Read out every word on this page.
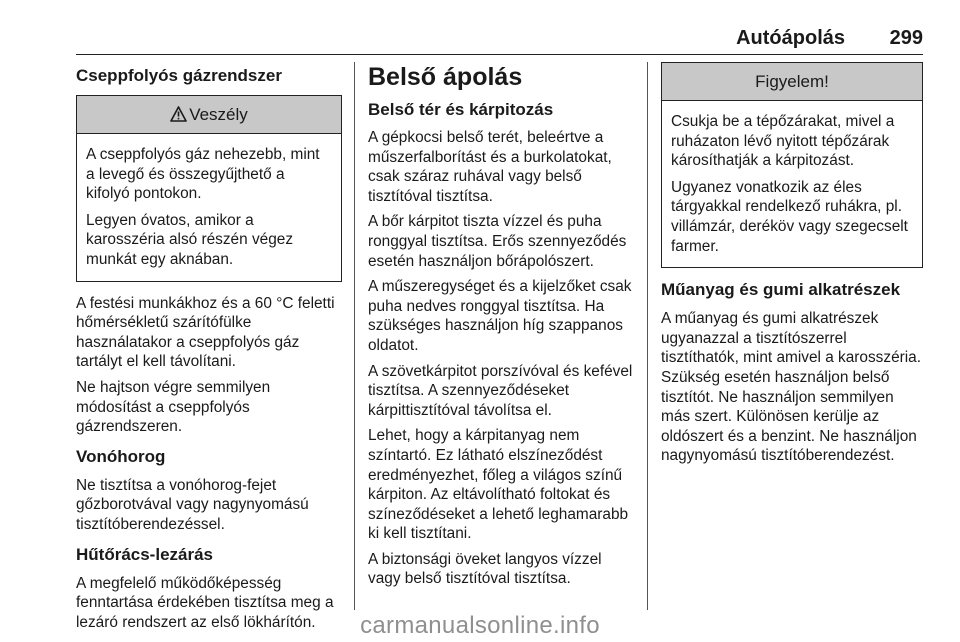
Autóápolás 299
Cseppfolyós gázrendszer
Veszély

A cseppfolyós gáz nehezebb, mint a levegő és összegyűjthető a kifolyó pontokon.

Legyen óvatos, amikor a karosszéria alsó részén végez munkát egy aknában.

A festési munkákhoz és a 60 °C feletti hőmérsékletű szárítófülke használatakor a cseppfolyós gáz tartályt el kell távolítani.

Ne hajtson végre semmilyen módosítást a cseppfolyós gázrendszeren.

Vonóhorog

Ne tisztítsa a vonóhorog-fejet gőzborotvával vagy nagynyomású tisztítóberendezéssel.

Hűtőrács-lezárás

A megfelelő működőképesség fenntartása érdekében tisztítsa meg a lezáró rendszert az első lökhárítón.

Belső ápolás
Belső tér és kárpitozás

A gépkocsi belső terét, beleértve a műszerfalborítást és a burkolatokat, csak száraz ruhával vagy belső tisztítóval tisztítsa.

A bőr kárpitot tiszta vízzel és puha ronggyal tisztítsa. Erős szennyeződés esetén használjon bőrápolószert.

A műszeregységet és a kijelzőket csak puha nedves ronggyal tisztítsa. Ha szükséges használjon híg szappanos oldatot.

A szövetkárpitot porszívóval és kefével tisztítsa. A szennyeződéseket kárpittisztítóval távolítsa el.

Lehet, hogy a kárpitanyag nem színtartó. Ez látható elszíneződést eredményezhet, főleg a világos színű kárpiton. Az eltávolítható foltokat és színeződéseket a lehető leghamarabb ki kell tisztítani.

A biztonsági öveket langyos vízzel vagy belső tisztítóval tisztítsa.

Figyelem!

Csukja be a tépőzárakat, mivel a ruházaton lévő nyitott tépőzárak károsíthatják a kárpitozást.

Ugyanez vonatkozik az éles tárgyakkal rendelkező ruhákra, pl. villámzár, deréköv vagy szegecselt farmer.

Műanyag és gumi alkatrészek

A műanyag és gumi alkatrészek ugyanazzal a tisztítószerrel tisztíthatók, mint amivel a karosszéria. Szükség esetén használjon belső tisztítót. Ne használjon semmilyen más szert. Különösen kerülje az oldószert és a benzint. Ne használjon nagynyomású tisztítóberendezést.

carmanualsonline.info
